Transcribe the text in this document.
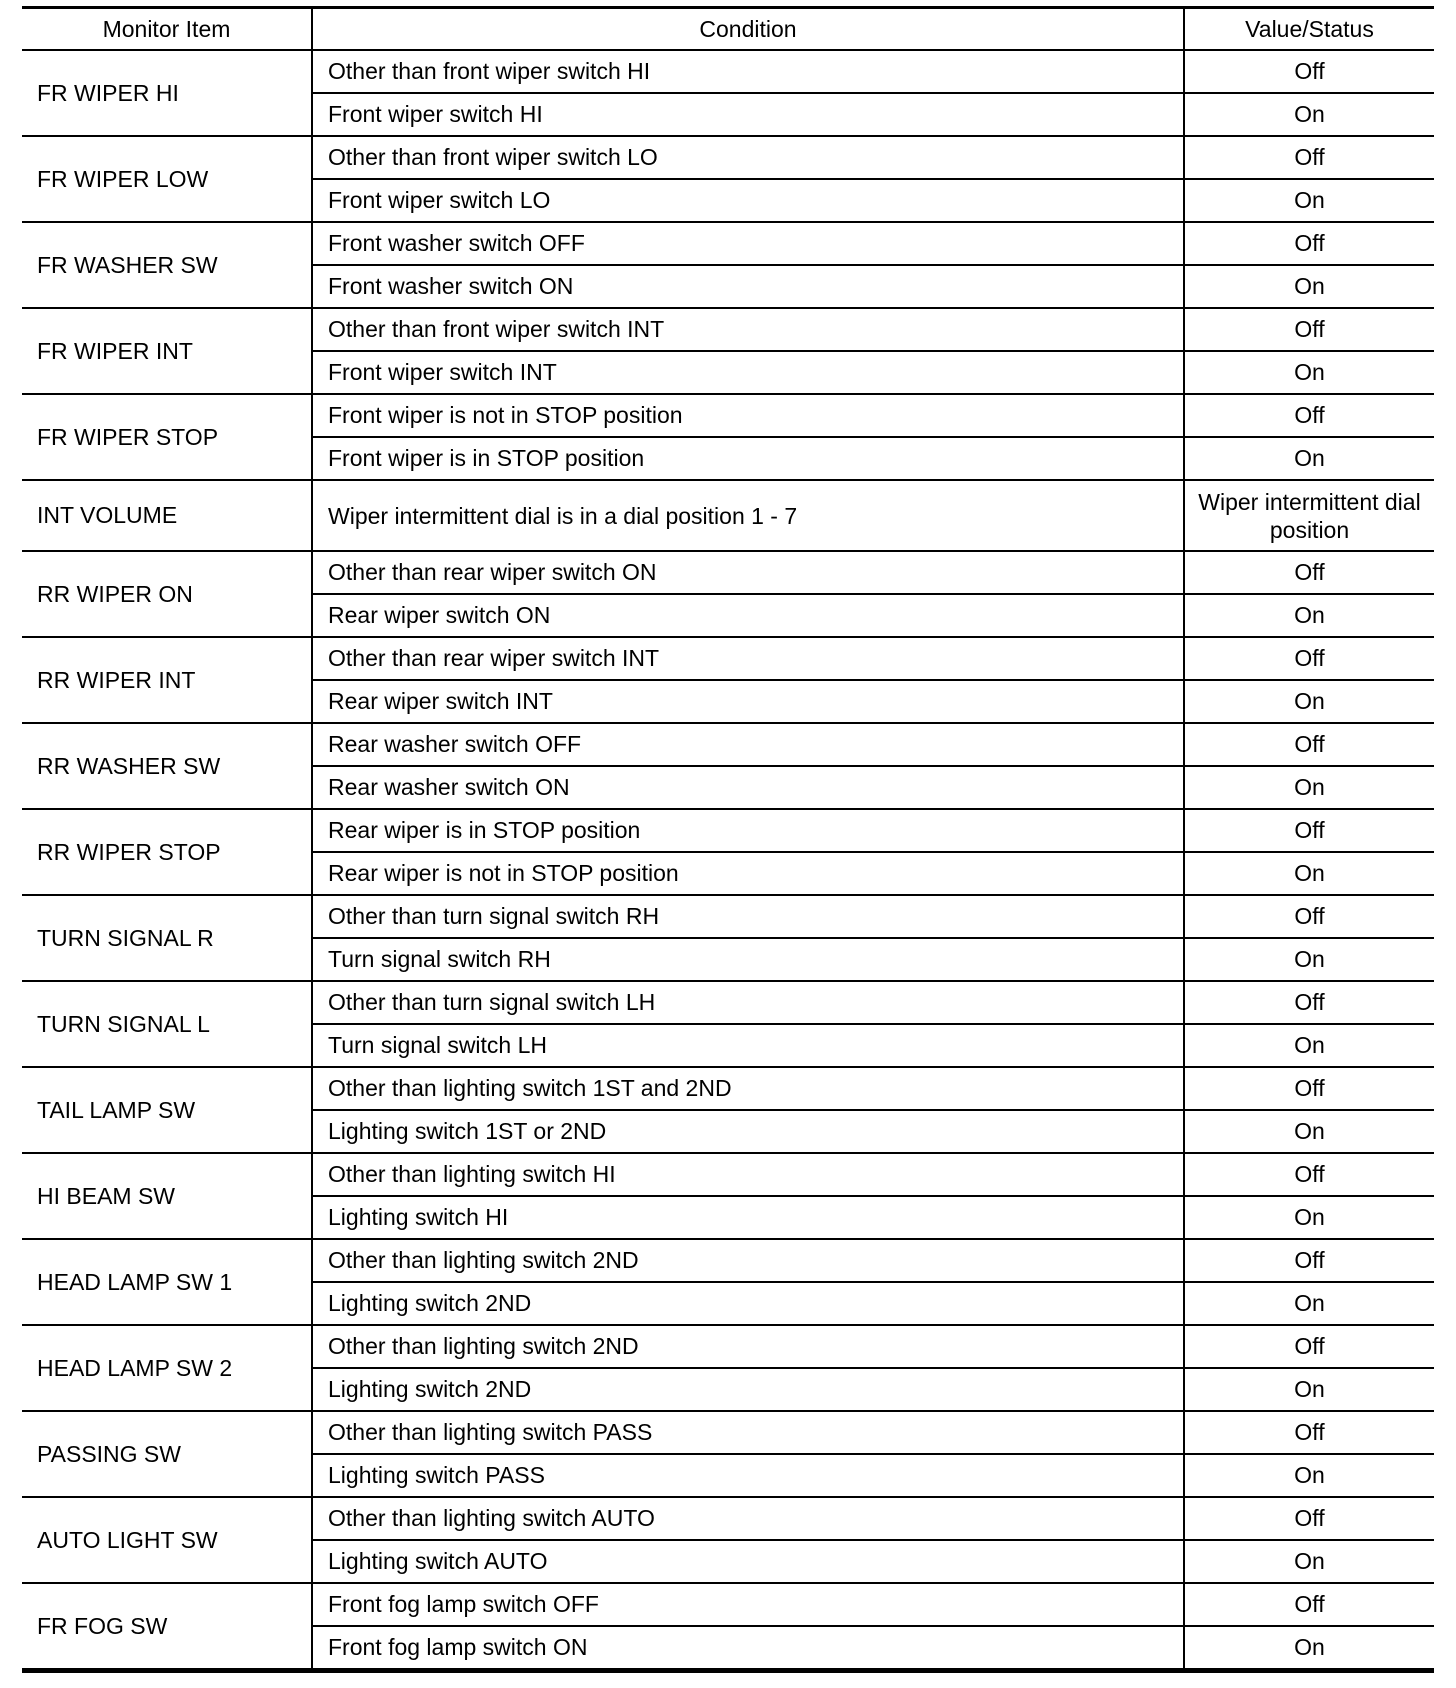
Monitor Item	Condition	Value/Status
FR WIPER HI	Other than front wiper switch HI	Off
	Front wiper switch HI	On
FR WIPER LOW	Other than front wiper switch LO	Off
	Front wiper switch LO	On
FR WASHER SW	Front washer switch OFF	Off
	Front washer switch ON	On
FR WIPER INT	Other than front wiper switch INT	Off
	Front wiper switch INT	On
FR WIPER STOP	Front wiper is not in STOP position	Off
	Front wiper is in STOP position	On
INT VOLUME	Wiper intermittent dial is in a dial position 1 - 7	Wiper intermittent dial position
RR WIPER ON	Other than rear wiper switch ON	Off
	Rear wiper switch ON	On
RR WIPER INT	Other than rear wiper switch INT	Off
	Rear wiper switch INT	On
RR WASHER SW	Rear washer switch OFF	Off
	Rear washer switch ON	On
RR WIPER STOP	Rear wiper is in STOP position	Off
	Rear wiper is not in STOP position	On
TURN SIGNAL R	Other than turn signal switch RH	Off
	Turn signal switch RH	On
TURN SIGNAL L	Other than turn signal switch LH	Off
	Turn signal switch LH	On
TAIL LAMP SW	Other than lighting switch 1ST and 2ND	Off
	Lighting switch 1ST or 2ND	On
HI BEAM SW	Other than lighting switch HI	Off
	Lighting switch HI	On
HEAD LAMP SW 1	Other than lighting switch 2ND	Off
	Lighting switch 2ND	On
HEAD LAMP SW 2	Other than lighting switch 2ND	Off
	Lighting switch 2ND	On
PASSING SW	Other than lighting switch PASS	Off
	Lighting switch PASS	On
AUTO LIGHT SW	Other than lighting switch AUTO	Off
	Lighting switch AUTO	On
FR FOG SW	Front fog lamp switch OFF	Off
	Front fog lamp switch ON	On
